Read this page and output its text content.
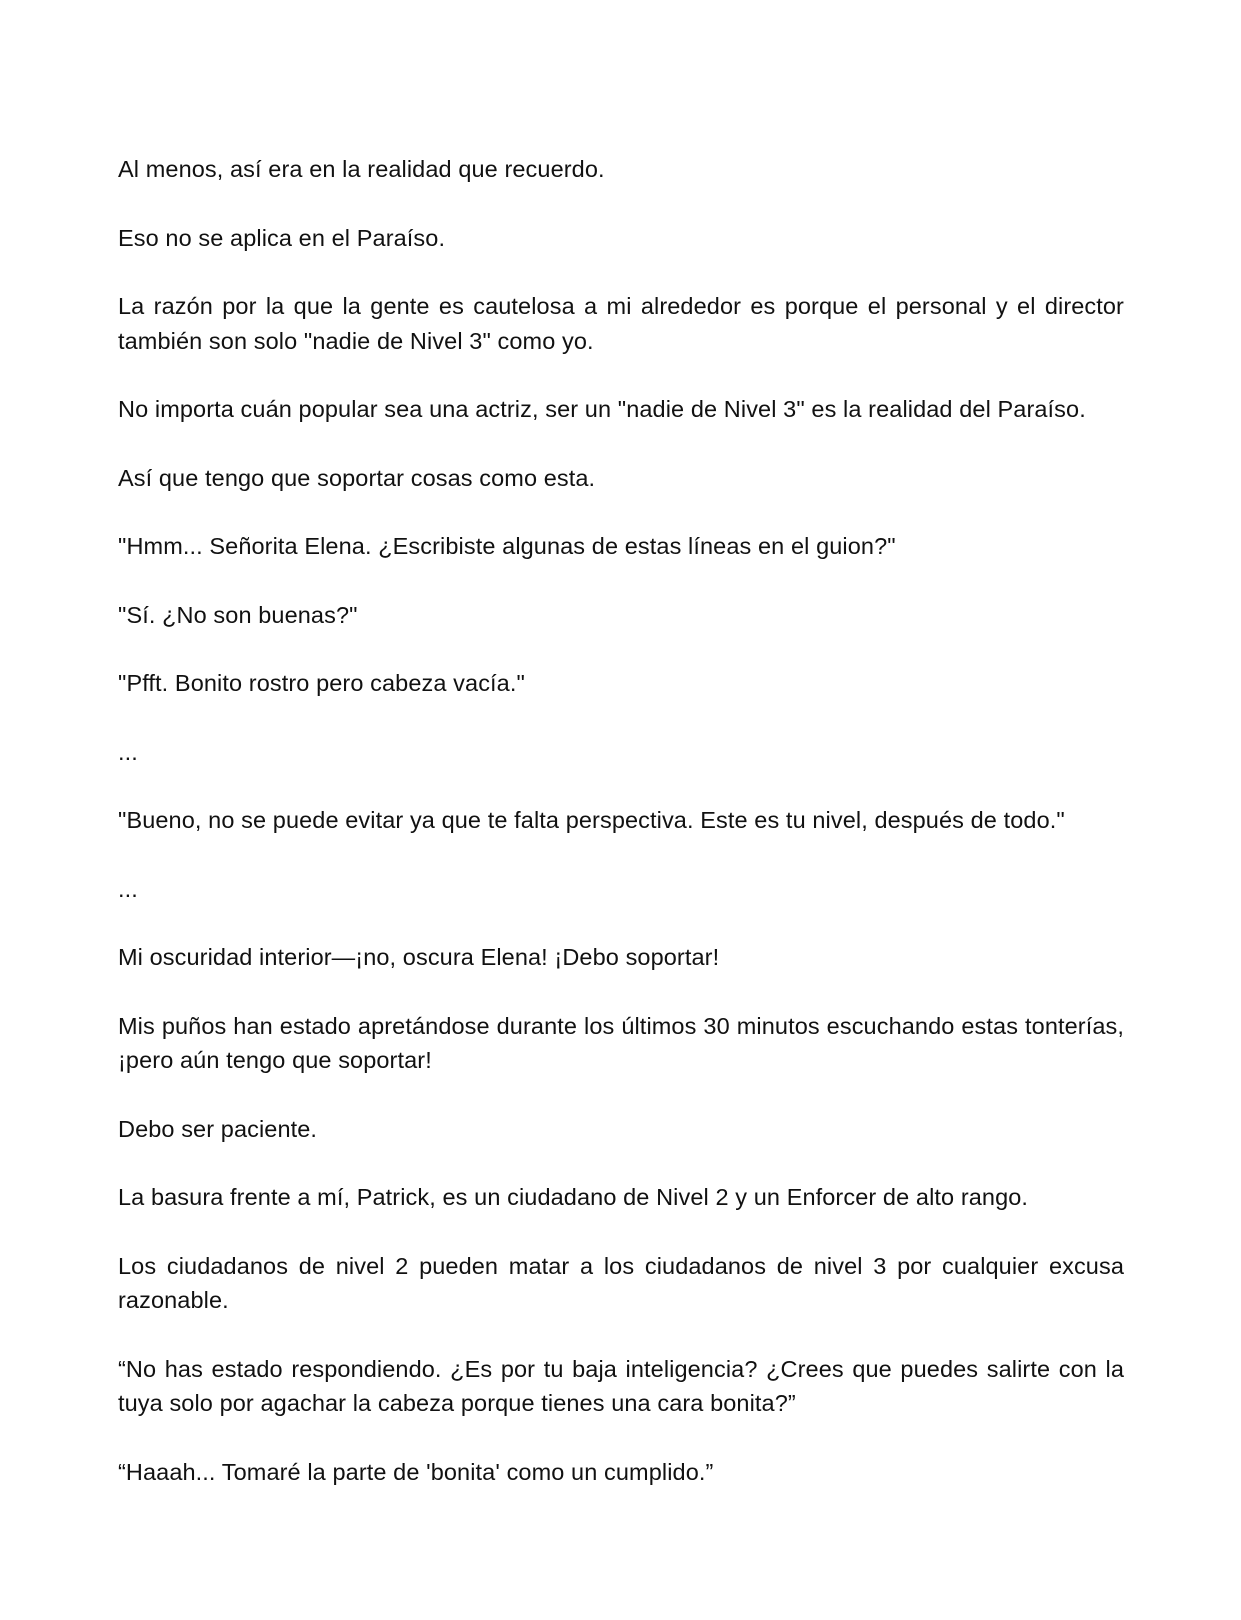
Al menos, así era en la realidad que recuerdo.

Eso no se aplica en el Paraíso.

La razón por la que la gente es cautelosa a mi alrededor es porque el personal y el director también son solo "nadie de Nivel 3" como yo.

No importa cuán popular sea una actriz, ser un "nadie de Nivel 3" es la realidad del Paraíso.

Así que tengo que soportar cosas como esta.

"Hmm... Señorita Elena. ¿Escribiste algunas de estas líneas en el guion?"

"Sí. ¿No son buenas?"

"Pfft. Bonito rostro pero cabeza vacía."

...

"Bueno, no se puede evitar ya que te falta perspectiva. Este es tu nivel, después de todo."

...

Mi oscuridad interior—¡no, oscura Elena! ¡Debo soportar!

Mis puños han estado apretándose durante los últimos 30 minutos escuchando estas tonterías, ¡pero aún tengo que soportar!

Debo ser paciente.

La basura frente a mí, Patrick, es un ciudadano de Nivel 2 y un Enforcer de alto rango.

Los ciudadanos de nivel 2 pueden matar a los ciudadanos de nivel 3 por cualquier excusa razonable.

“No has estado respondiendo. ¿Es por tu baja inteligencia? ¿Crees que puedes salirte con la tuya solo por agachar la cabeza porque tienes una cara bonita?”

“Haaah... Tomaré la parte de 'bonita' como un cumplido.”
